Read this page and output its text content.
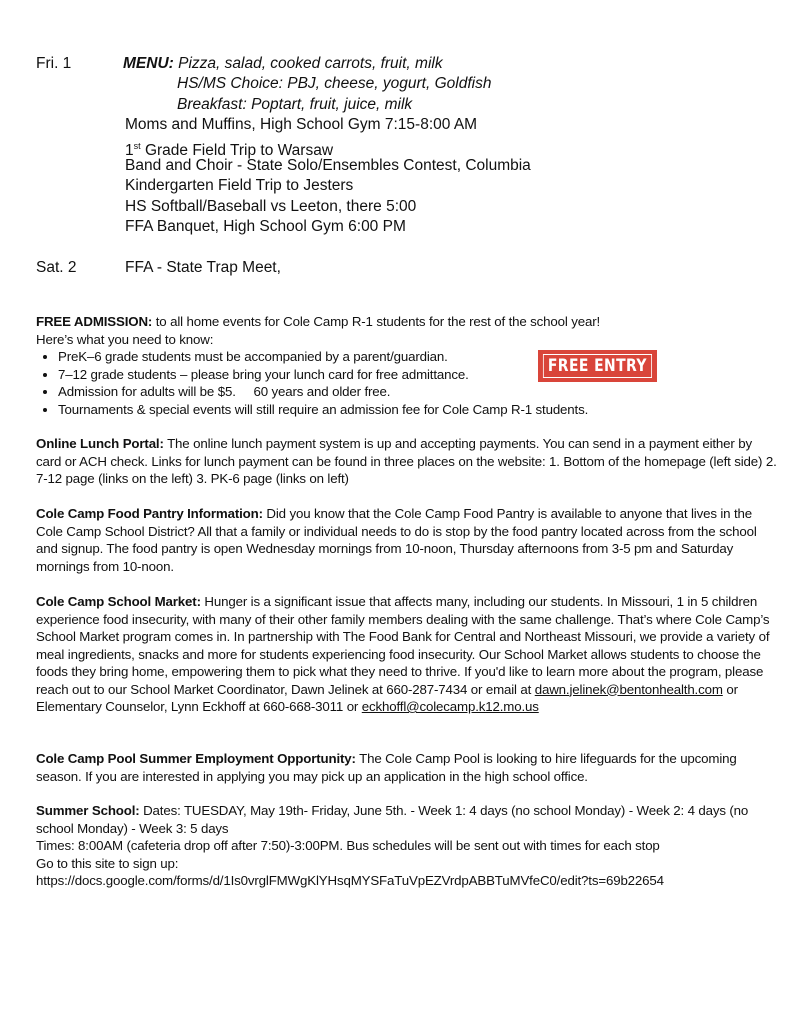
Fri. 1	MENU: Pizza, salad, cooked carrots, fruit, milk
HS/MS Choice: PBJ, cheese, yogurt, Goldfish
Breakfast: Poptart, fruit, juice, milk
Moms and Muffins, High School Gym 7:15-8:00 AM
1st Grade Field Trip to Warsaw
Band and Choir - State Solo/Ensembles Contest, Columbia
Kindergarten Field Trip to Jesters
HS Softball/Baseball vs Leeton, there 5:00
FFA Banquet, High School Gym 6:00 PM
Sat. 2	FFA - State Trap Meet,
FREE ADMISSION: to all home events for Cole Camp R-1 students for the rest of the school year!
Here’s what you need to know:
• PreK–6 grade students must be accompanied by a parent/guardian.
• 7–12 grade students – please bring your lunch card for free admittance.
• Admission for adults will be $5.     60 years and older free.
• Tournaments & special events will still require an admission fee for Cole Camp R-1 students.
FREE ENTRY
Online Lunch Portal: The online lunch payment system is up and accepting payments. You can send in a payment either by card or ACH check. Links for lunch payment can be found in three places on the website: 1. Bottom of the homepage (left side) 2. 7-12 page (links on the left) 3. PK-6 page (links on left)
Cole Camp Food Pantry Information: Did you know that the Cole Camp Food Pantry is available to anyone that lives in the Cole Camp School District? All that a family or individual needs to do is stop by the food pantry located across from the school and signup. The food pantry is open Wednesday mornings from 10-noon, Thursday afternoons from 3-5 pm and Saturday mornings from 10-noon.
Cole Camp School Market: Hunger is a significant issue that affects many, including our students. In Missouri, 1 in 5 children experience food insecurity, with many of their other family members dealing with the same challenge. That’s where Cole Camp’s School Market program comes in. In partnership with The Food Bank for Central and Northeast Missouri, we provide a variety of meal ingredients, snacks and more for students experiencing food insecurity. Our School Market allows students to choose the foods they bring home, empowering them to pick what they need to thrive. If you'd like to learn more about the program, please reach out to our School Market Coordinator, Dawn Jelinek at 660-287-7434 or email at dawn.jelinek@bentonhealth.com or Elementary Counselor, Lynn Eckhoff at 660-668-3011 or eckhoffl@colecamp.k12.mo.us
Cole Camp Pool Summer Employment Opportunity: The Cole Camp Pool is looking to hire lifeguards for the upcoming season. If you are interested in applying you may pick up an application in the high school office.
Summer School: Dates: TUESDAY, May 19th- Friday, June 5th. - Week 1: 4 days (no school Monday) - Week 2: 4 days (no school Monday) - Week 3: 5 days
Times: 8:00AM (cafeteria drop off after 7:50)-3:00PM. Bus schedules will be sent out with times for each stop
Go to this site to sign up:
https://docs.google.com/forms/d/1Is0vrglFMWgKlYHsqMYSFaTuVpEZVrdpABBTuMVfeC0/edit?ts=69b22654
